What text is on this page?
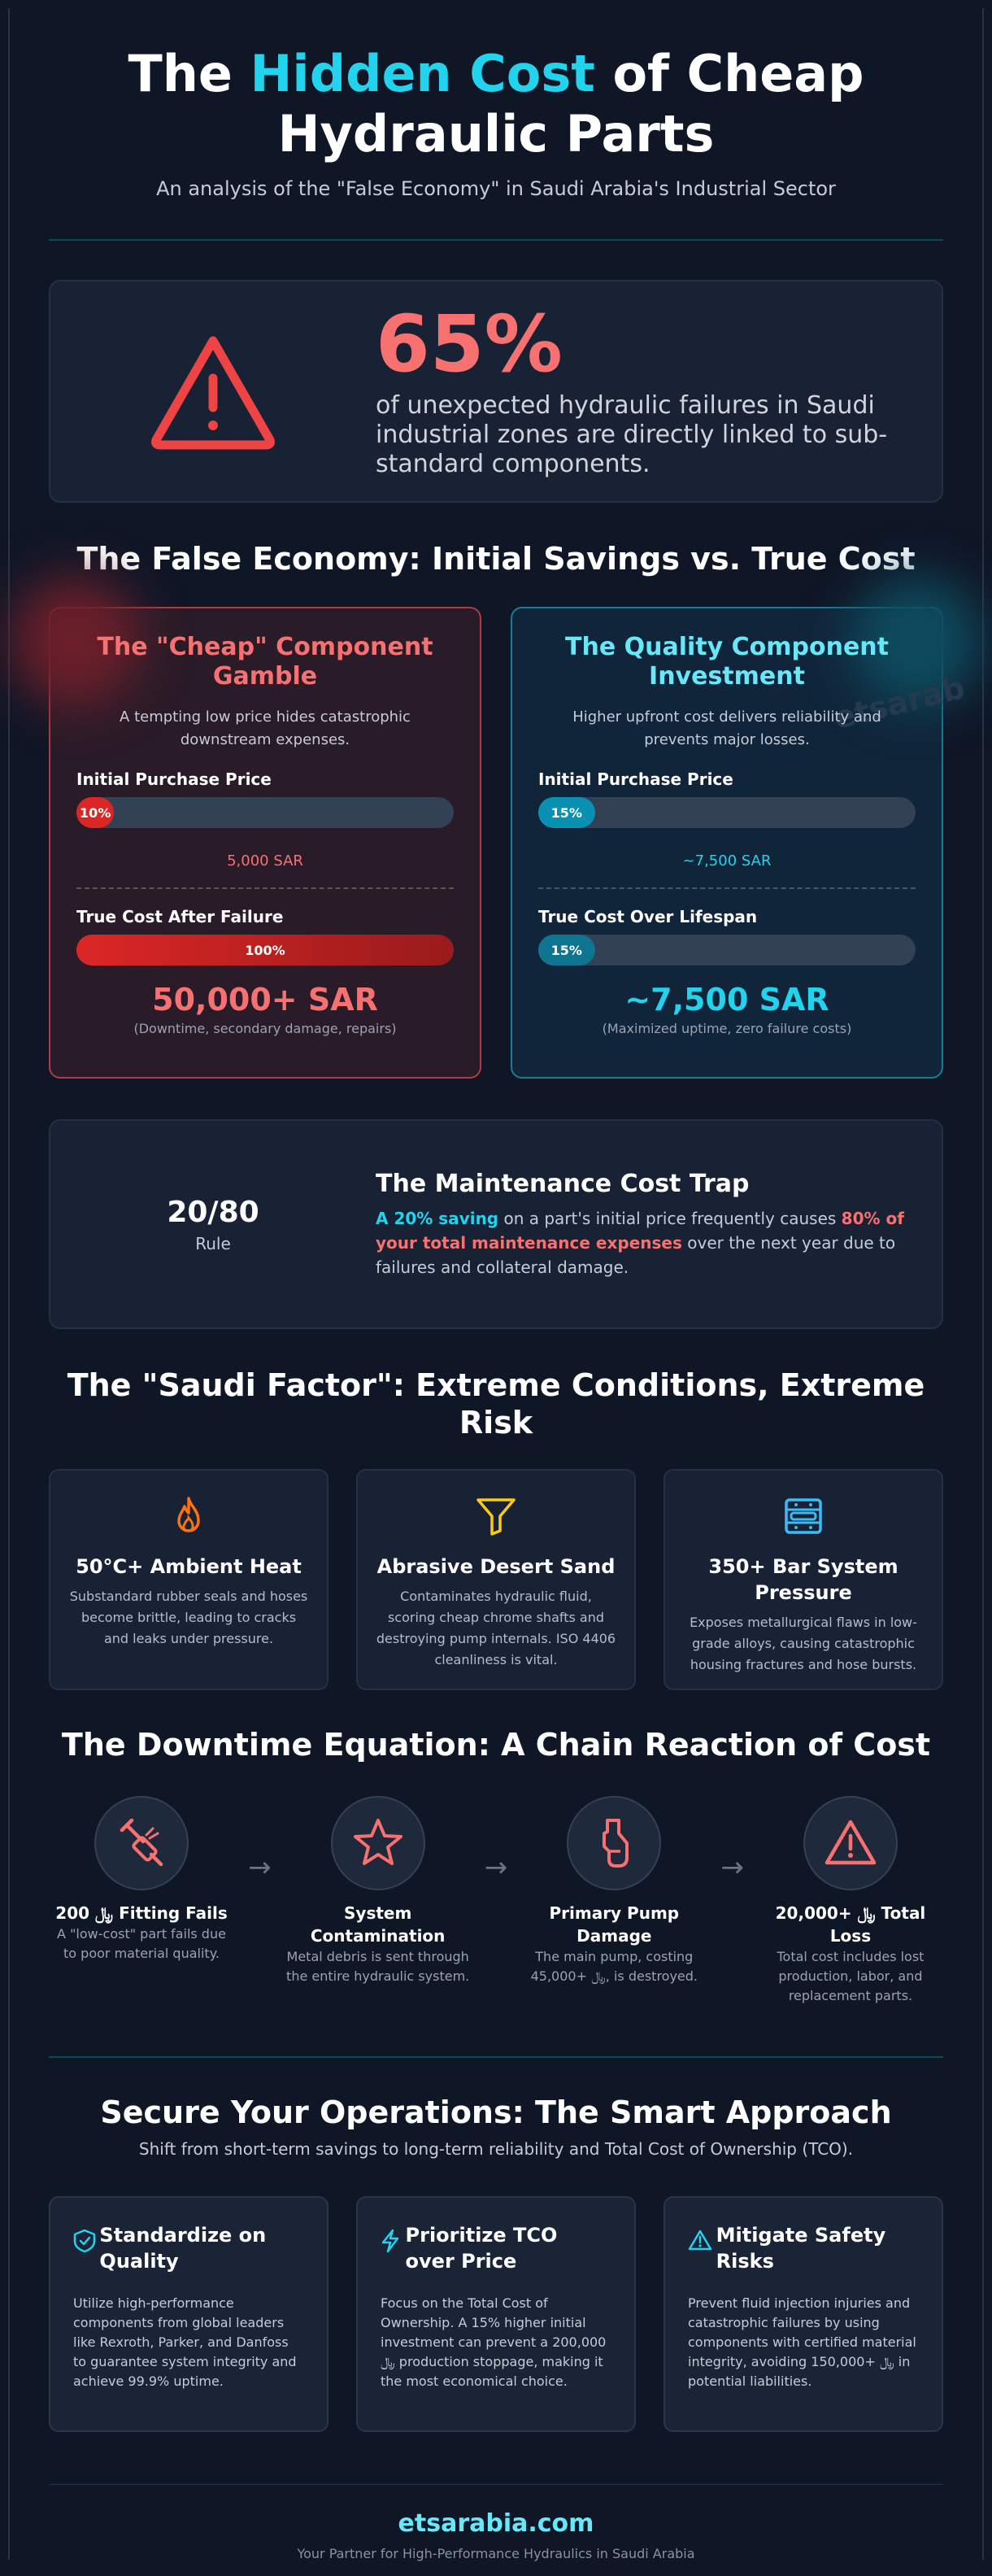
The Hidden Cost of Cheap Hydraulic Parts
An analysis of the "False Economy" in Saudi Arabia's Industrial Sector
65%
of unexpected hydraulic failures in Saudi industrial zones are directly linked to sub-standard components.
The False Economy: Initial Savings vs. True Cost
The "Cheap" Component Gamble
A tempting low price hides catastrophic downstream expenses.
Initial Purchase Price
10%
5,000 SAR
True Cost After Failure
100%
50,000+ SAR
(Downtime, secondary damage, repairs)
etsarab
The Quality Component Investment
Higher upfront cost delivers reliability and prevents major losses.
Initial Purchase Price
15%
~7,500 SAR
True Cost Over Lifespan
15%
~7,500 SAR
(Maximized uptime, zero failure costs)
20/80
Rule
The Maintenance Cost Trap
A 20% saving on a part's initial price frequently causes 80% of your total maintenance expenses over the next year due to failures and collateral damage.
The "Saudi Factor": Extreme Conditions, Extreme Risk
50°C+ Ambient Heat
Substandard rubber seals and hoses become brittle, leading to cracks and leaks under pressure.
Abrasive Desert Sand
Contaminates hydraulic fluid, scoring cheap chrome shafts and destroying pump internals. ISO 4406 cleanliness is vital.
350+ Bar System Pressure
Exposes metallurgical flaws in low-grade alloys, causing catastrophic housing fractures and hose bursts.
The Downtime Equation: A Chain Reaction of Cost
200 ﷼ Fitting Fails
A "low-cost" part fails due to poor material quality.
→
System Contamination
Metal debris is sent through the entire hydraulic system.
→
Primary Pump Damage
The main pump, costing 45,000+ ﷼, is destroyed.
→
20,000+ ﷼ Total Loss
Total cost includes lost production, labor, and replacement parts.
Secure Your Operations: The Smart Approach
Shift from short-term savings to long-term reliability and Total Cost of Ownership (TCO).
Standardize on Quality
Utilize high-performance components from global leaders like Rexroth, Parker, and Danfoss to guarantee system integrity and achieve 99.9% uptime.
Prioritize TCO over Price
Focus on the Total Cost of Ownership. A 15% higher initial investment can prevent a 200,000 ﷼ production stoppage, making it the most economical choice.
Mitigate Safety Risks
Prevent fluid injection injuries and catastrophic failures by using components with certified material integrity, avoiding 150,000+ ﷼ in potential liabilities.
etsarabia.com
Your Partner for High-Performance Hydraulics in Saudi Arabia
